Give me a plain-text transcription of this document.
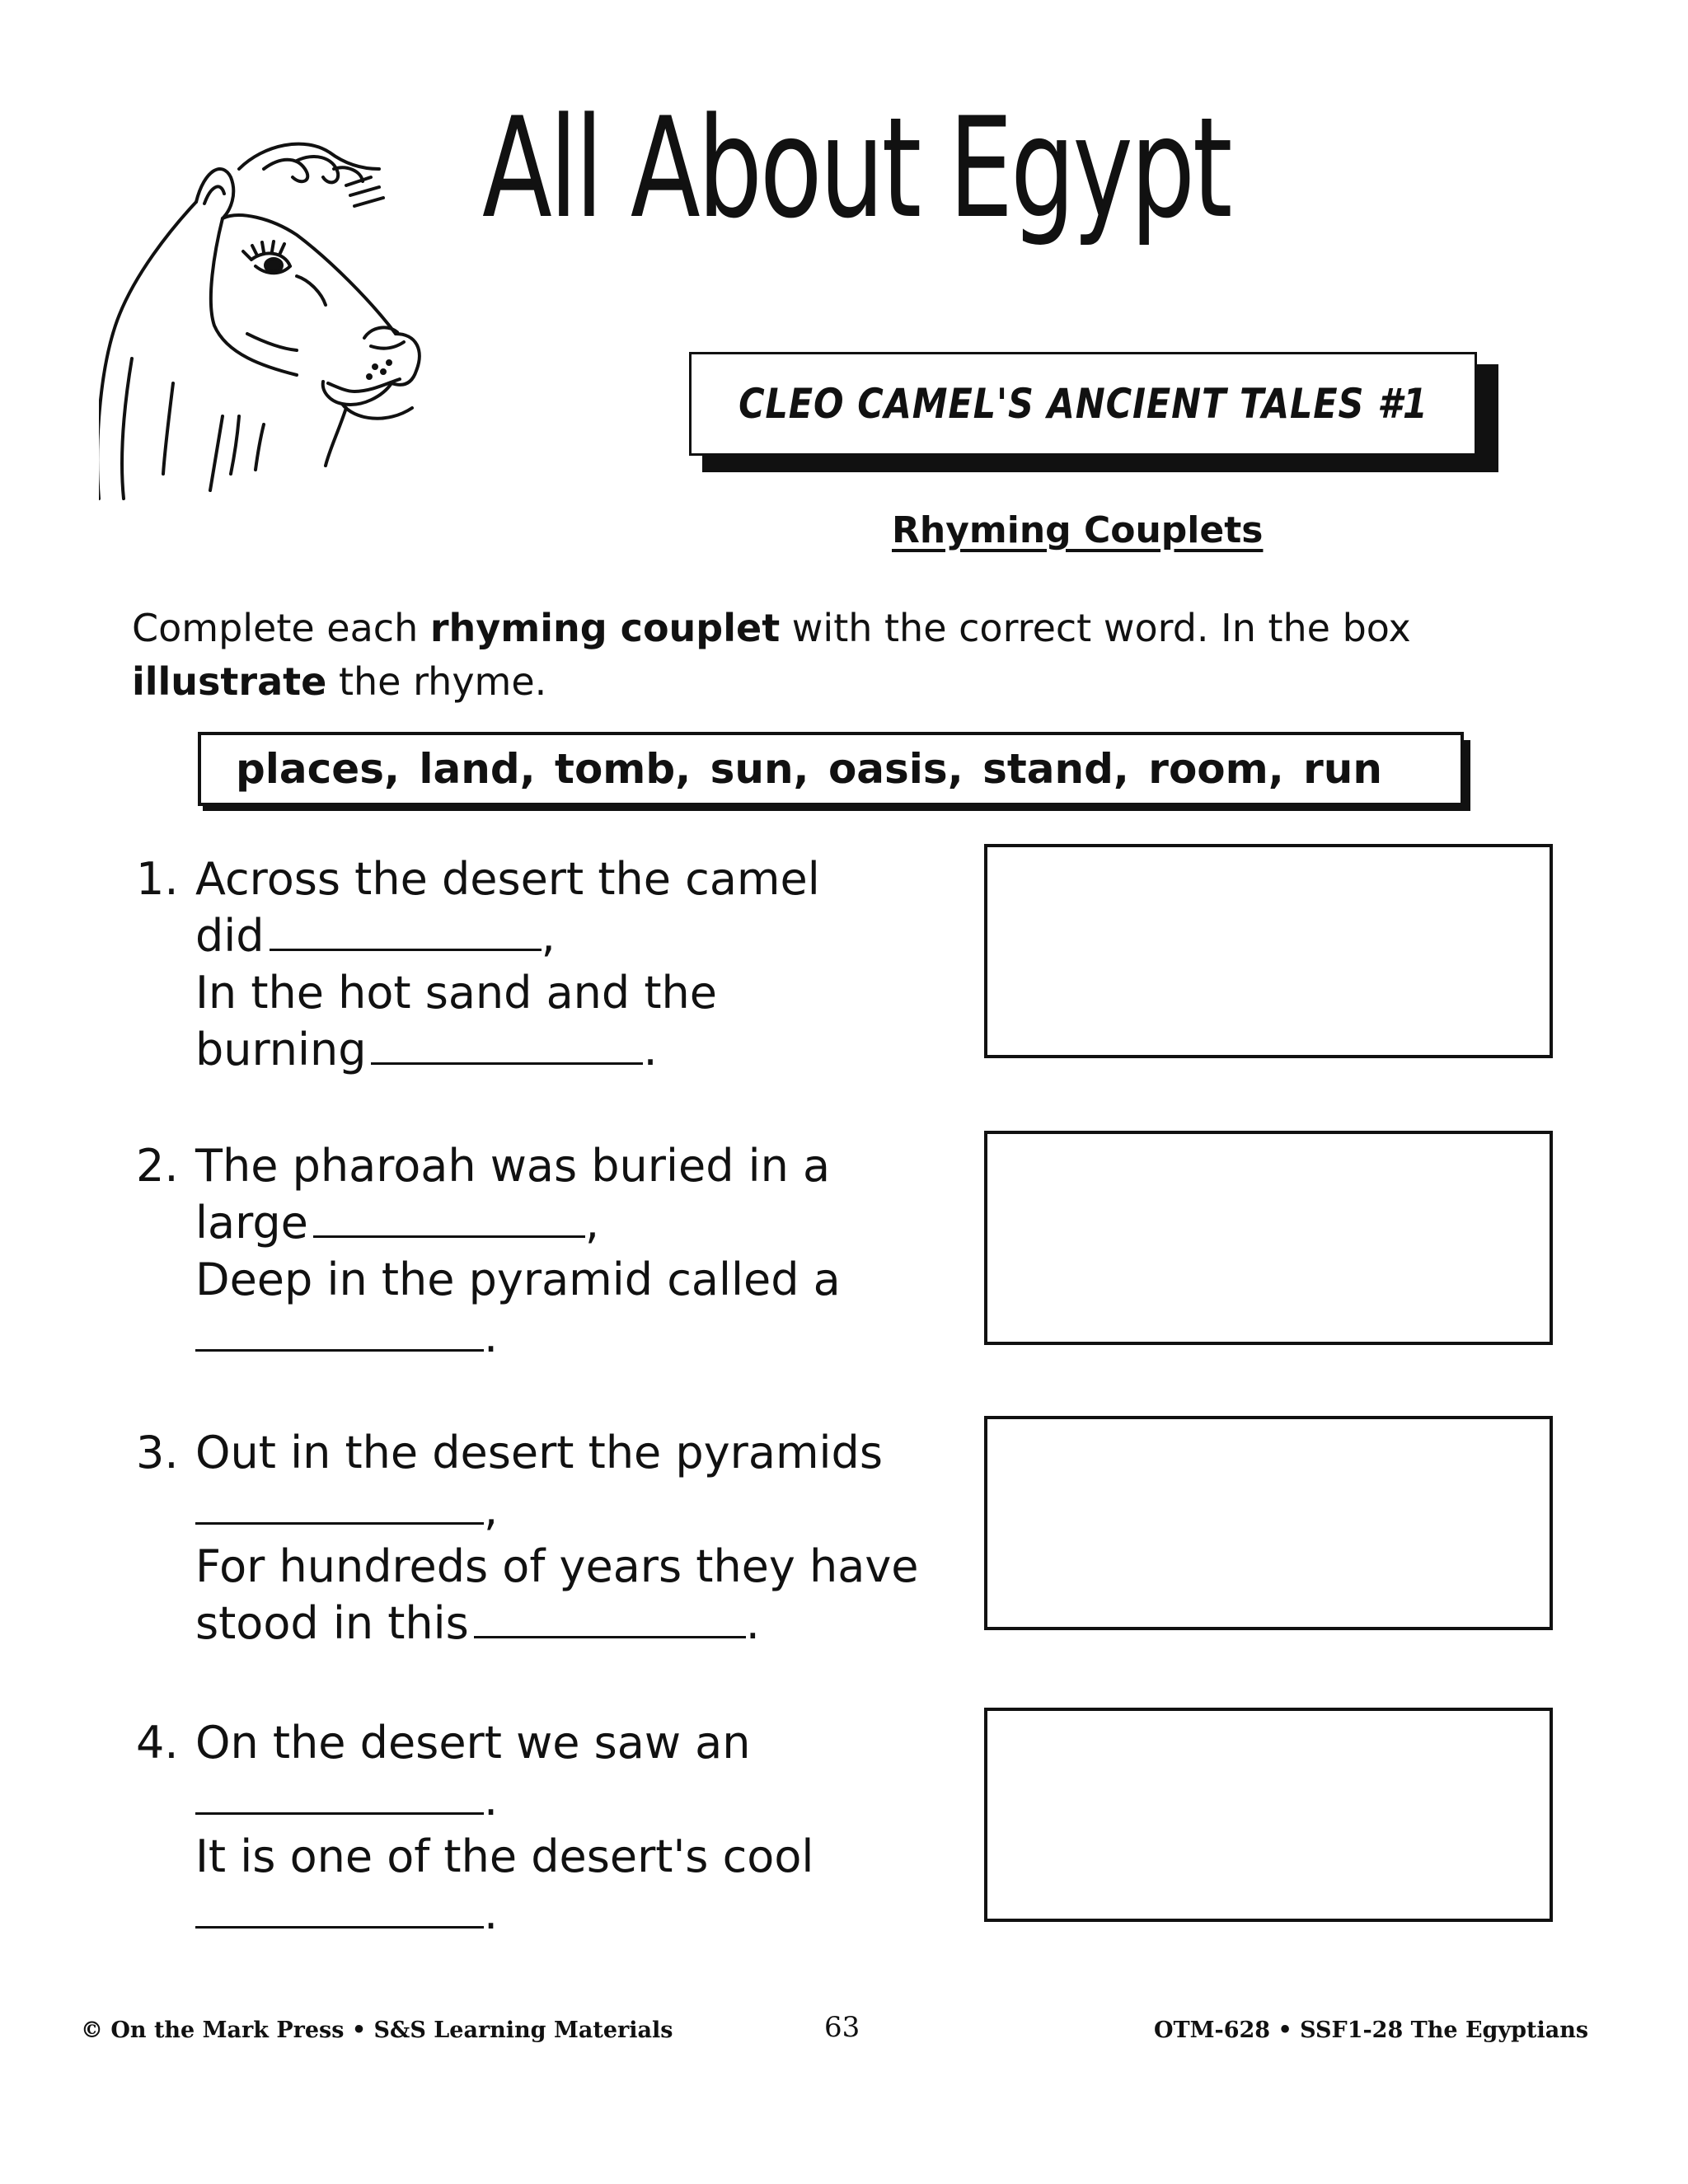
All About Egypt
CLEO CAMEL'S ANCIENT TALES #1
Rhyming Couplets
Complete each rhyming couplet with the correct word. In the box illustrate the rhyme.
places, land, tomb, sun, oasis, stand, room, run
1. Across the desert the camel
did	,
In the hot sand and the
burning	.
2. The pharoah was buried in a
large	,
Deep in the pyramid called a
.
3. Out in the desert the pyramids
,
For hundreds of years they have
stood in this	.
4. On the desert we saw an
.
It is one of the desert's cool
.
© On the Mark Press • S&S Learning Materials	63	OTM-628 • SSF1-28 The Egyptians
